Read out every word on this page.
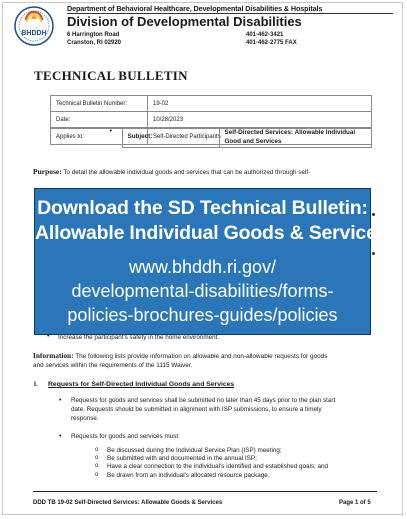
BHDDH
Department of Behavioral Healthcare, Developmental Disabilities & Hospitals
Division of Developmental Disabilities
6 Harrington Road
Cranston, RI 02920
401-462-3421
401-462-2775 FAX
TECHNICAL BULLETIN
Technical Bulletin Number:	19-02
Date:	10/28/2023

• Subject:	Self-Directed Services: Allowable Individual Good and Services
Applies to:	Self-Directed Participants
Purpose: To detail the allowable individual goods and services that can be authorized through self-
Download the SD Technical Bulletin:
Allowable Individual Goods & Services
www.bhddh.ri.gov/
developmental-disabilities/forms-
policies-brochures-guides/policies
• Increase the participant's safety in the home environment.
Information: The following lists provide information on allowable and non-allowable requests for goods
and services within the requirements of the 1115 Waiver.
I. Requests for Self-Directed Individual Goods and Services
• Requests for goods and services shall be submitted no later than 45 days prior to the plan start
date. Requests should be submitted in alignment with ISP submissions, to ensure a timely
response.
• Requests for goods and services must:
o Be discussed during the Individual Service Plan (ISP) meeting;
o Be submitted with and documented in the annual ISP;
o Have a clear connection to the individual's identified and established goals; and
o Be drawn from an individual's allocated resource package.
DDD TB 19-02 Self-Directed Services: Allowable Goods & Services	Page 1 of 5
